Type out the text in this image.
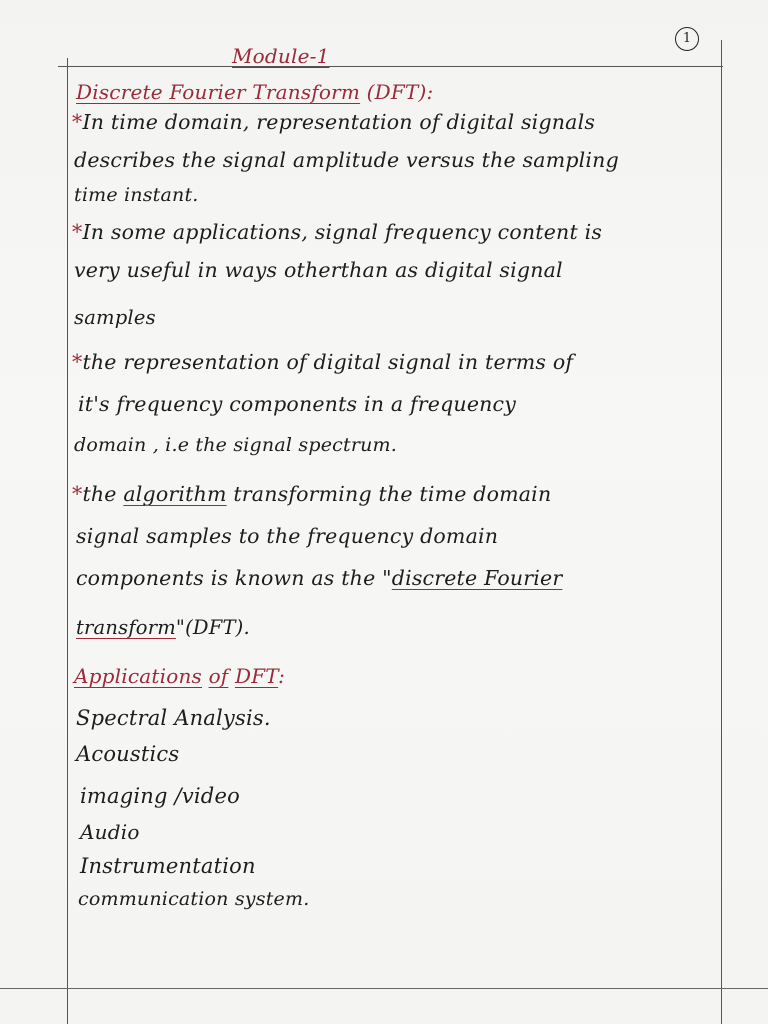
1
Module-1
Discrete Fourier Transform (DFT):
*In time domain, representation of digital signals
describes the signal amplitude versus the sampling
time instant.
*In some applications, signal frequency content is
very useful in ways otherthan as digital signal
samples
*the representation of digital signal in terms of
it's frequency components in a frequency
domain , i.e the signal spectrum.
*the algorithm transforming the time domain
signal samples to the frequency domain
components is known as the "discrete Fourier
transform"(DFT).
Applications of DFT:
Spectral Analysis.
Acoustics
imaging /video
Audio
Instrumentation
communication system.
